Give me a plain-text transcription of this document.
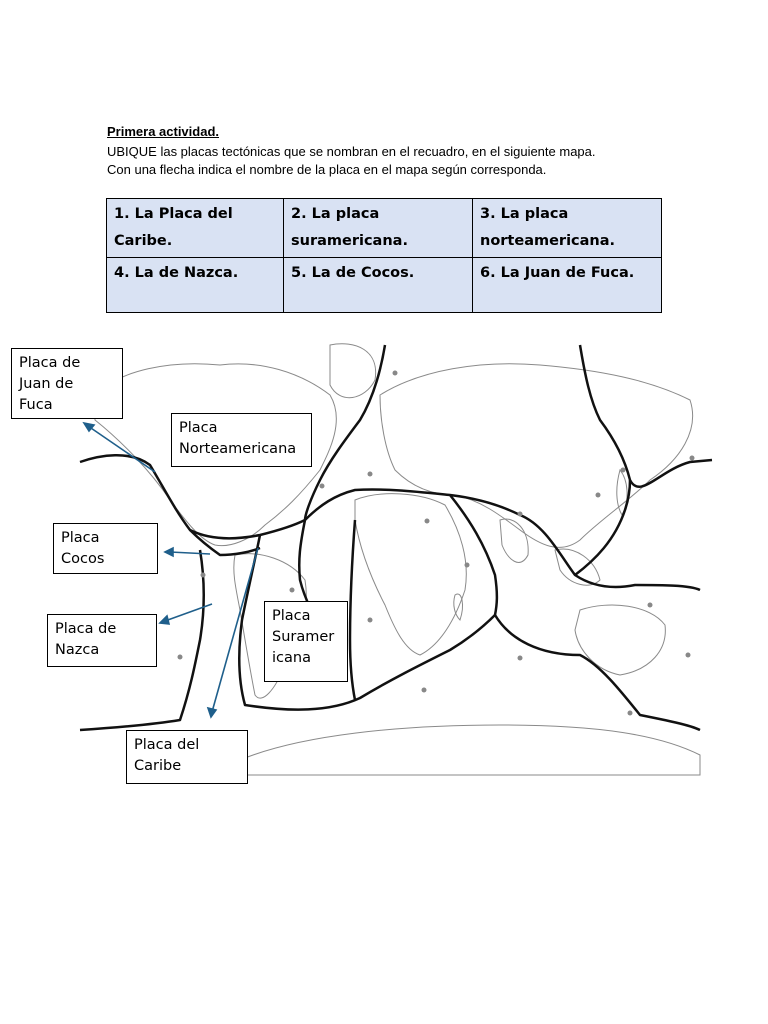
Primera actividad.
UBIQUE las placas tectónicas que se nombran en el recuadro, en el siguiente mapa.
Con una flecha indica el nombre de la placa en el mapa según corresponda.
1. La Placa del Caribe.	2. La placa suramericana.	3. La placa norteamericana.
4. La de Nazca.	5. La de Cocos.	6. La Juan de Fuca.
Placa de
Juan de
Fuca
Placa
Norteamericana
Placa
Cocos
Placa de
Nazca
Placa
Suramer
icana
Placa del
Caribe
